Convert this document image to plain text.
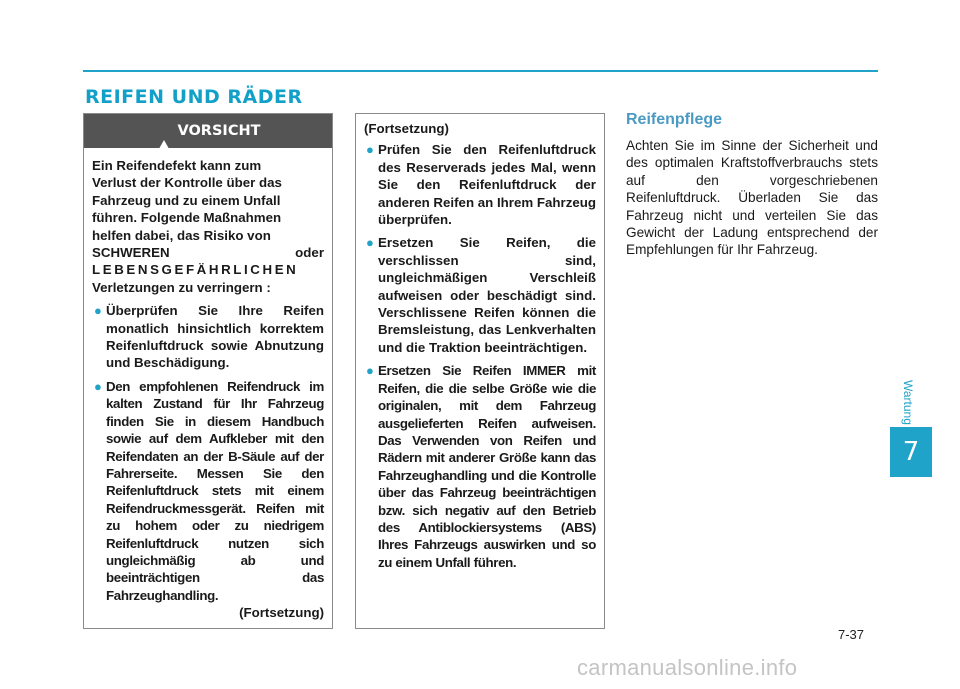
REIFEN UND RÄDER
! VORSICHT

Ein Reifendefekt kann zum

Verlust der Kontrolle über das

Fahrzeug und zu einem Unfall

führen. Folgende Maßnahmen

helfen dabei, das Risiko von

SCHWEREN oder

LEBENSGEFÄHRLICHEN

Verletzungen zu verringern :

● Überprüfen Sie Ihre Reifen monatlich hinsichtlich korrektem Reifenluftdruck sowie Abnutzung und Beschädigung.
● Den empfohlenen Reifendruck im kalten Zustand für Ihr Fahrzeug finden Sie in diesem Handbuch sowie auf dem Aufkleber mit den Reifendaten an der B-Säule auf der Fahrerseite. Messen Sie den Reifenluftdruck stets mit einem Reifendruckmessgerät. Reifen mit zu hohem oder zu niedrigem Reifenluftdruck nutzen sich ungleichmäßig ab und beeinträchtigen das Fahrzeughandling.

(Fortsetzung)

(Fortsetzung)

● Prüfen Sie den Reifenluftdruck des Reserverads jedes Mal, wenn Sie den Reifenluftdruck der anderen Reifen an Ihrem Fahrzeug überprüfen.
● Ersetzen Sie Reifen, die verschlissen sind, ungleichmäßigen Verschleiß aufweisen oder beschädigt sind. Verschlissene Reifen können die Bremsleistung, das Lenkverhalten und die Traktion beeinträchtigen.
● Ersetzen Sie Reifen IMMER mit Reifen, die die selbe Größe wie die originalen, mit dem Fahrzeug ausgelieferten Reifen aufweisen. Das Verwenden von Reifen und Rädern mit anderer Größe kann das Fahrzeughandling und die Kontrolle über das Fahrzeug beeinträchtigen bzw. sich negativ auf den Betrieb des Antiblockiersystems (ABS) Ihres Fahrzeugs auswirken und so zu einem Unfall führen.
Reifenpflege

Achten Sie im Sinne der Sicherheit und des optimalen Kraftstoffverbrauchs stets auf den vorgeschriebenen Reifenluftdruck. Überladen Sie das Fahrzeug nicht und verteilen Sie das Gewicht der Ladung entsprechend der Empfehlungen für Ihr Fahrzeug.

Wartung
7
7-37
carmanualsonline.info
